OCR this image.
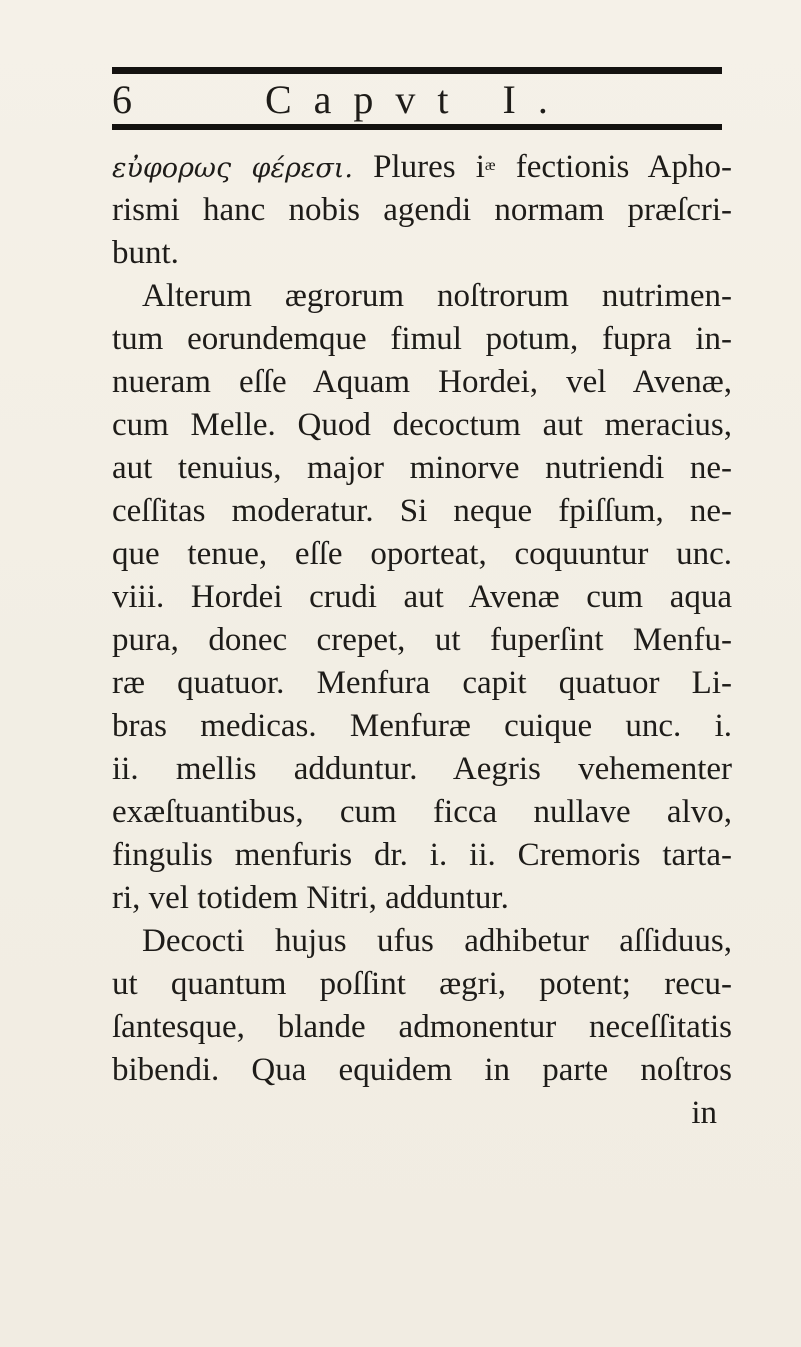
6	Capvt I.
εὐφορως φέρεσι. Plures $i^æ$ fectionis Apho-
rismi hanc nobis agendi normam præſcri-
bunt.
Alterum ægrorum noſtrorum nutrimen-
tum eorundemque fimul potum, fupra in-
nueram eſſe Aquam Hordei, vel Avenæ,
cum Melle. Quod decoctum aut meracius,
aut tenuius, major minorve nutriendi ne-
ceſſitas moderatur. Si neque fpiſſum, ne-
que tenue, eſſe oporteat, coquuntur unc.
viii. Hordei crudi aut Avenæ cum aqua
pura, donec crepet, ut fuperſint Menfu-
ræ quatuor. Menfura capit quatuor Li-
bras medicas. Menfuræ cuique unc. i.
ii. mellis adduntur. Aegris vehementer
exæſtuantibus, cum ficca nullave alvo,
fingulis menfuris dr. i. ii. Cremoris tarta-
ri, vel totidem Nitri, adduntur.
Decocti hujus ufus adhibetur aſſiduus,
ut quantum poſſint ægri, potent; recu-
ſantesque, blande admonentur neceſſitatis
bibendi. Qua equidem in parte noſtros
in
